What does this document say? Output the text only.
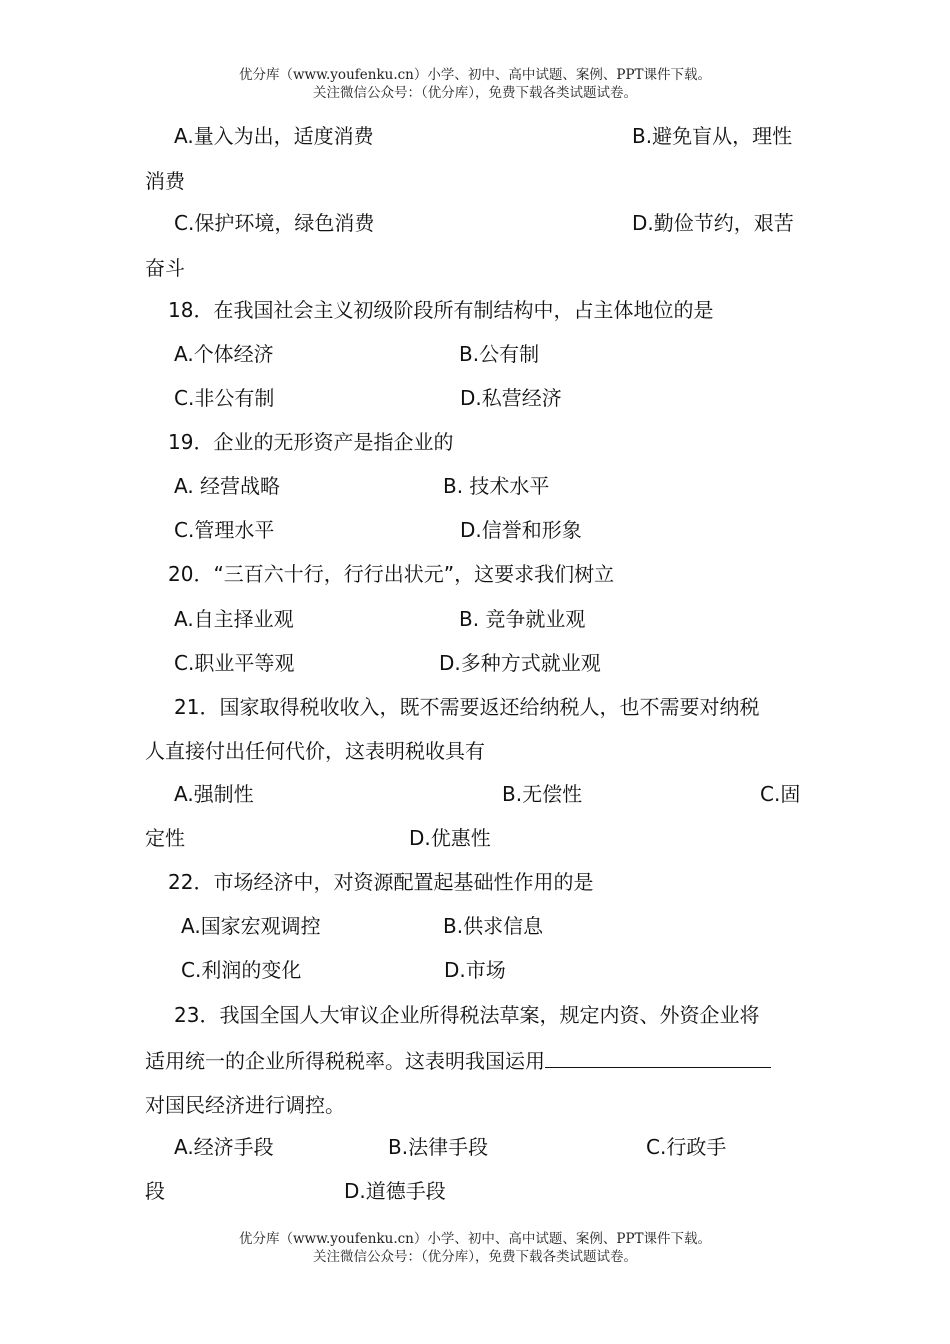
优分库（www.youfenku.cn）小学、初中、高中试题、案例、PPT课件下载。
关注微信公众号：（优分库），免费下载各类试题试卷。
A.量入为出，适度消费	B.避免盲从，理性
消费
C.保护环境，绿色消费	D.勤俭节约，艰苦
奋斗
18．在我国社会主义初级阶段所有制结构中，占主体地位的是
A.个体经济	B.公有制
C.非公有制	D.私营经济
19．企业的无形资产是指企业的
A. 经营战略	B. 技术水平
C.管理水平	D.信誉和形象
20．“三百六十行，行行出状元”，这要求我们树立
A.自主择业观	B. 竞争就业观
C.职业平等观	D.多种方式就业观
21．国家取得税收收入，既不需要返还给纳税人，也不需要对纳税
人直接付出任何代价，这表明税收具有
A.强制性	B.无偿性	C.固
定性	D.优惠性
22．市场经济中，对资源配置起基础性作用的是
A.国家宏观调控	B.供求信息
C.利润的变化	D.市场
23．我国全国人大审议企业所得税法草案，规定内资、外资企业将
适用统一的企业所得税税率。这表明我国运用
对国民经济进行调控。
A.经济手段	B.法律手段	C.行政手
段	D.道德手段
优分库（www.youfenku.cn）小学、初中、高中试题、案例、PPT课件下载。
关注微信公众号：（优分库），免费下载各类试题试卷。
